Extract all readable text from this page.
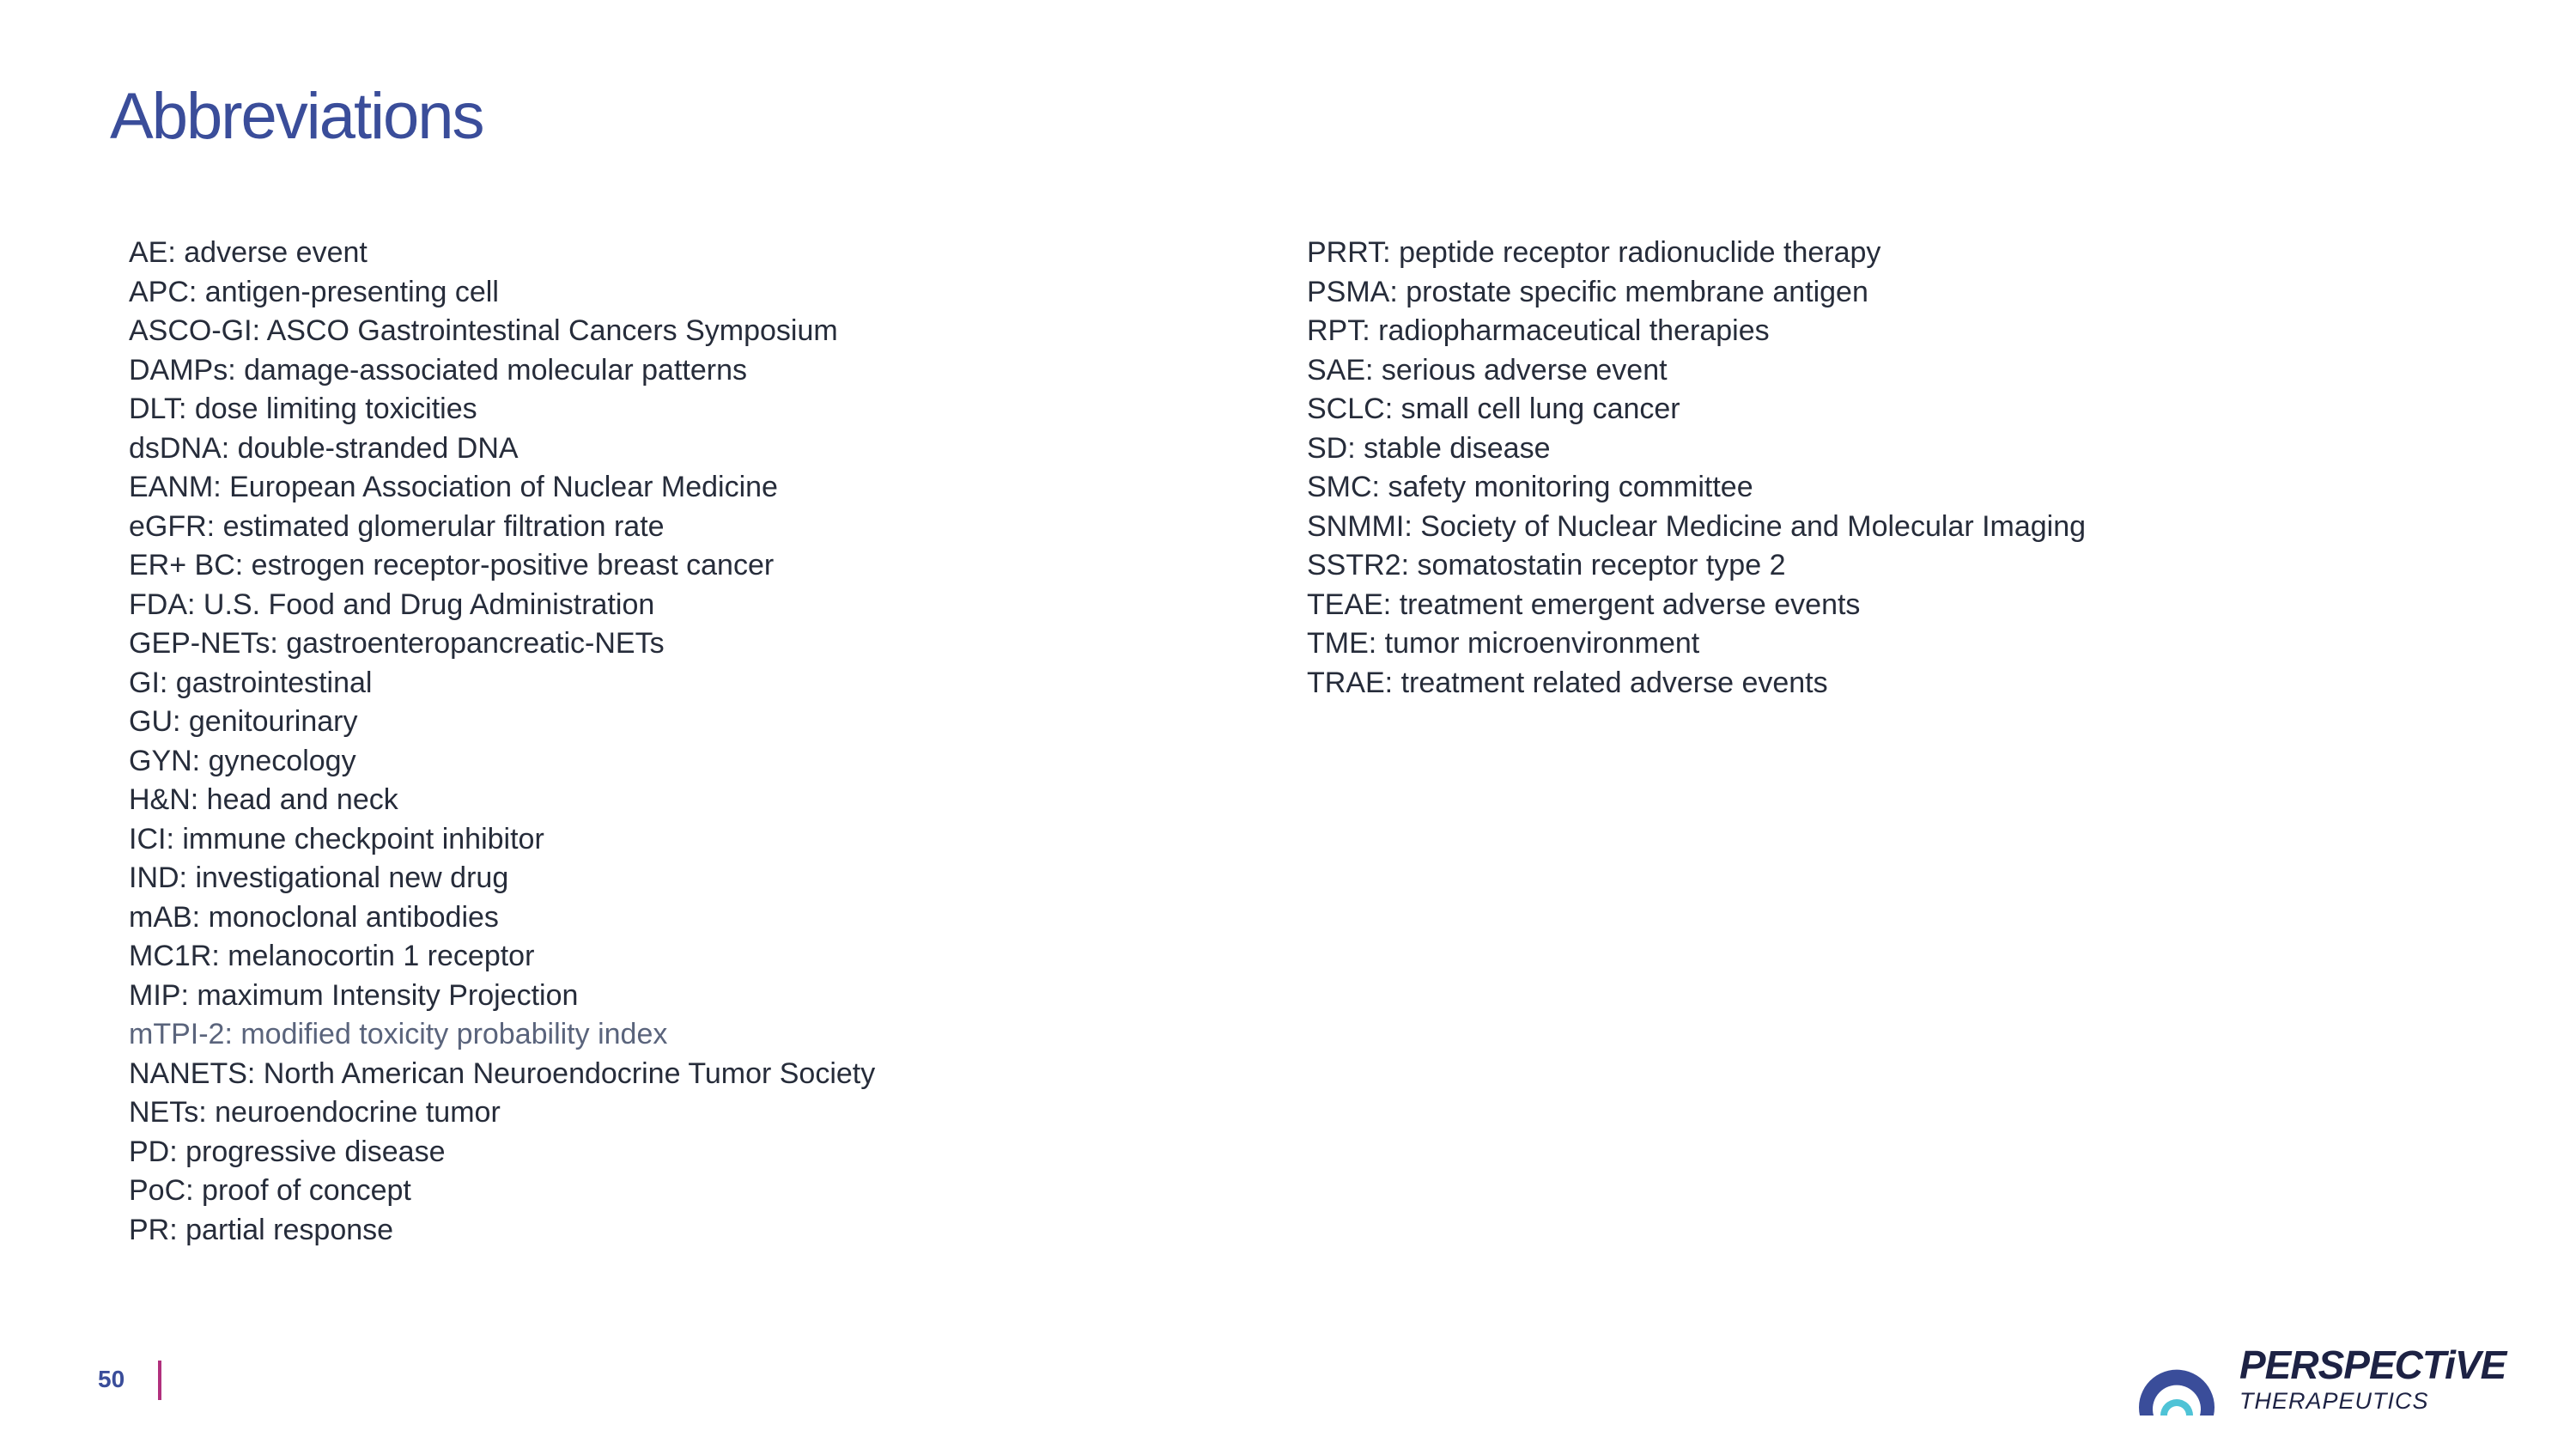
Abbreviations
AE: adverse event
APC: antigen-presenting cell
ASCO-GI: ASCO Gastrointestinal Cancers Symposium
DAMPs: damage-associated molecular patterns
DLT: dose limiting toxicities
dsDNA: double-stranded DNA
EANM: European Association of Nuclear Medicine
eGFR: estimated glomerular filtration rate
ER+ BC: estrogen receptor-positive breast cancer
FDA: U.S. Food and Drug Administration
GEP-NETs: gastroenteropancreatic-NETs
GI: gastrointestinal
GU: genitourinary
GYN: gynecology
H&N: head and neck
ICI: immune checkpoint inhibitor
IND: investigational new drug
mAB: monoclonal antibodies
MC1R: melanocortin 1 receptor
MIP: maximum Intensity Projection
mTPI-2: modified toxicity probability index
NANETS: North American Neuroendocrine Tumor Society
NETs: neuroendocrine tumor
PD: progressive disease
PoC: proof of concept
PR: partial response
PRRT: peptide receptor radionuclide therapy
PSMA: prostate specific membrane antigen
RPT: radiopharmaceutical therapies
SAE: serious adverse event
SCLC: small cell lung cancer
SD: stable disease
SMC: safety monitoring committee
SNMMI: Society of Nuclear Medicine and Molecular Imaging
SSTR2: somatostatin receptor type 2
TEAE: treatment emergent adverse events
TME: tumor microenvironment
TRAE: treatment related adverse events
50	PERSPECTiVE
THERAPEUTICS
